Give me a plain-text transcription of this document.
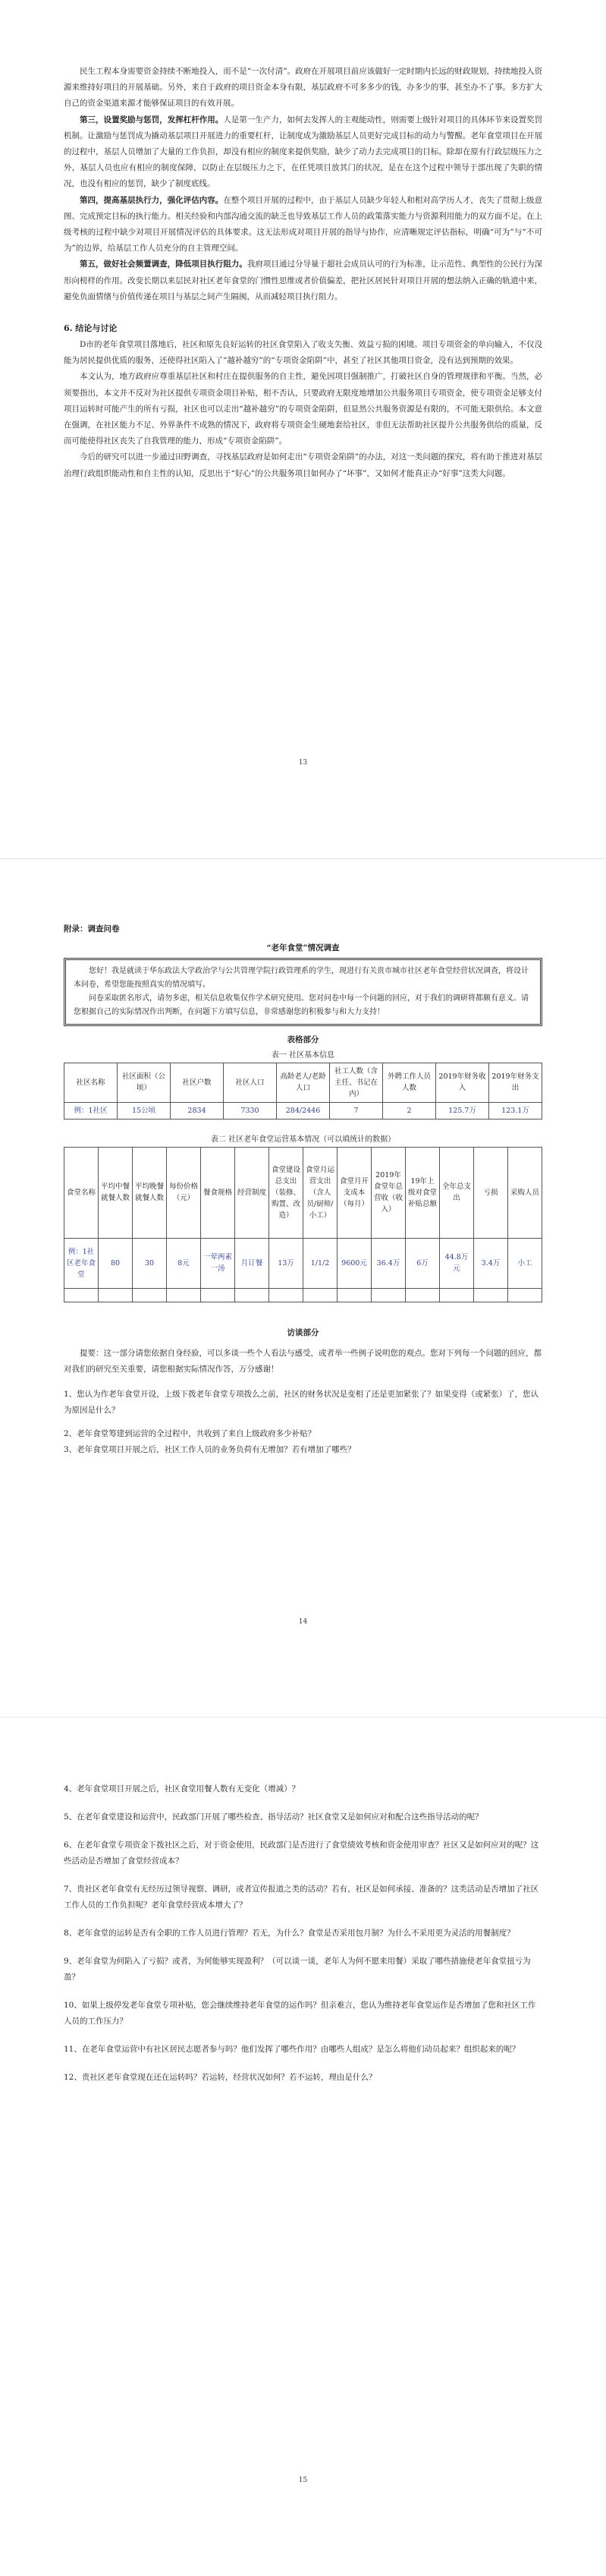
民生工程本身需要资金持续不断地投入，而不是“一次付清”。政府在开展项目前应该做好一定时期内长远的财政规划，持续地投入资源来维持好项目的开展基础。另外，来自于政府的项目资金本身有限，基层政府不可多多少的钱，办多少的事，甚至办不了事。多方扩大自己的资金渠道来源才能够保证项目的有效开展。

第三，设置奖励与惩罚，发挥杠杆作用。人是第一生产力，如何去发挥人的主观能动性，则需要上级针对项目的具体环节来设置奖罚机制。让激励与惩罚成为撬动基层项目开展进力的重要杠杆，让制度成为激励基层人员更好完成目标的动力与警醒。老年食堂项目在开展的过程中，基层人员增加了大量的工作负担，却没有相应的制度来提供奖励，缺少了动力去完成项目的目标。除却在原有行政层级压力之外，基层人员也应有相应的制度保障，以防止在层级压力之下，在任凭项目放其门的状况，是在在这个过程中领导于部出现了失职的情况，也没有相应的惩罚，缺少了制度底线。

第四，提高基层执行力，强化评估内容。在整个项目开展的过程中，由于基层人员缺少年轻人和相对高学历人才，丧失了贯彻上级意图、完成预定目标的执行能力。相关经验和内部沟通交流的缺乏也导致基层工作人员的政策落实能力与资源利用能力的双方面不足。在上级考核的过程中缺少对项目开展情况评估的具体要求。这无法形成对项目开展的指导与协作，应清晰规定评估指标，明确“可为”与“不可为”的边界，给基层工作人员充分的自主管理空间。

第五，做好社会频置调查，降低项目执行阻力。我府项目通过分导量于超社会成员认可的行为标准，让示范性、典型性的公民行为深形向榜样的作用。改变长期以来层民对社区老年食堂的门惯性思维或者价值偏差，把社区居民针对项目开展的想法纳入正确的轨道中来，避免负面情绪与价值传递在项目与基层之间产生隔阂，从而减轻项目执行阻力。

6. 结论与讨论

D市的老年食堂项目落地后，社区和原先良好运转的社区食堂陷入了收支失衡、效益亏损的困境。项目专项资金的单向输入，不仅没能为居民提供优质的服务，还使得社区陷入了“越补越穷”的“专项资金陷阱”中，甚至了社区其他项目资金，没有达到预期的效果。

本文认为，地方政府应尊重基层社区和村庄在提供服务的自主性，避免因项目强制推广，打破社区自身的管理规律和平衡。当然，必须要指出，本文并不反对为社区提供专项资金项目补贴，相不否认，只要政府无限度地增加公共服务项目专项资金，使专项资金足够支付项目运转时可能产生的所有亏损，社区也可以走出“越补越穷”的专项资金陷阱，但显然公共服务资源是有限的，不可能无限供给。本文意在强调，在社区能力不足、外界条件不成熟的情况下，政府将专项资金生硬地套给社区，非但无法帮助社区提升公共服务供给的质量，反而可能使得社区丧失了自我管理的能力，形成“专项资金陷阱”。

今后的研究可以进一步通过田野调查，寻找基层政府是如何走出“专项资金陷阱”的办法，对这一类问题的探究，将有助于推进对基层治理行政组织能动性和自主性的认知，反思出于“好心”的公共服务项目如何办了“坏事”，又如何才能真正办“好事”这类大问题。

13

附录：调查问卷

“老年食堂”情况调查

您好！我是就读于华东政法大学政治学与公共管理学院行政管理系的学生，现进行有关贵市城市社区老年食堂经营状况调查，将设计本问卷，希望您能按照真实的情况填写。
问卷采取匿名形式，请勿多虑，相关信息收集仅作学术研究使用。您对问卷中每一个问题的回应，对于我们的调研将都颇有意义。请您根据自己的实际情况作出判断，在问题下方填写信息，非常感谢您的积极参与和大力支持！

表格部分

表一 社区基本信息

社区名称	社区面积（公顷）	社区户数	社区人口	高龄老人/老龄人口	社工人数（含主任、书记在内）	外聘工作人员人数	2019年财务收入	2019年财务支出
例：1社区	15公顷	2834	7330	284/2446	7	2	125.7万	123.1万

表二 社区老年食堂运营基本情况（可以填统计的数据）

食堂名称	平均中餐就餐人数	平均晚餐就餐人数	每份价格（元）	餐食规格	经营制度	食堂建设总支出（装修、购置、改造）	食堂月运营支出（含人员/厨师/小工）	食堂月开支成本（每月）	2019年食堂年总营收（收入）	19年上级对食堂补贴总额	全年总支出	亏损	采购人员
例：1社区老年食堂	80	30	8元	一荤两素一汤	月订餐	13万	1/1/2	9600元	36.4万	6万	44.8万元	3.4万	小工

访谈部分

提要：这一部分请您依据自身经验，可以多谈一些个人看法与感受，或者举一些例子说明您的观点。您对下列每一个问题的回应，都对我们的研究至关重要，请您根据实际情况作答，万分感谢！

1、您认为作老年食堂开设，上级下拨老年食堂专项拨么之前，社区的财务状况是变相了还是更加紧张了？如果变得（或紧张）了，您认为原因是什么？

2、老年食堂筹建到运营的全过程中，共收到了来自上级政府多少补贴？

3、老年食堂项目开展之后，社区工作人员的业务负荷有无增加？若有增加了哪些？

14

4、老年食堂项目开展之后，社区食堂用餐人数有无变化（增减）？

5、在老年食堂建设和运营中，民政部门开展了哪些检查、指导活动？社区食堂又是如何应对和配合这些指导活动的呢？

6、在老年食堂专项资金下拨社区之后，对于资金使用，民政部门是否进行了食堂绩效考核和资金使用审查？社区又是如何应对的呢？这些活动是否增加了食堂经营成本？

7、贵社区老年食堂有无经历过领导视察、调研，或者宣传报道之类的活动？若有，社区是如何承接、准备的？这类活动是否增加了社区工作人员的工作负担呢？老年食堂经营成本增大了？

8、老年食堂的运转是否有全职的工作人员进行管理？若无，为什么？食堂是否采用包月制？为什么不采用更为灵活的用餐制度？

9、老年食堂为何陷入了亏损？或者，为何能够实现盈利？（可以谈一谈，老年人为何不愿来用餐）采取了哪些措施使老年食堂扭亏为盈？

10、如果上级停发老年食堂专项补贴，您会继续维持老年食堂的运作吗？但亲难言，您认为维持老年食堂运作是否增加了您和社区工作人员的工作压力？

11、在老年食堂运营中有社区居民志愿者参与吗？他们发挥了哪些作用？由哪些人组成？是怎么将他们动员起来？组织起来的呢？

12、贵社区老年食堂现在还在运转吗？若运转，经营状况如何？若不运转，理由是什么？

15
